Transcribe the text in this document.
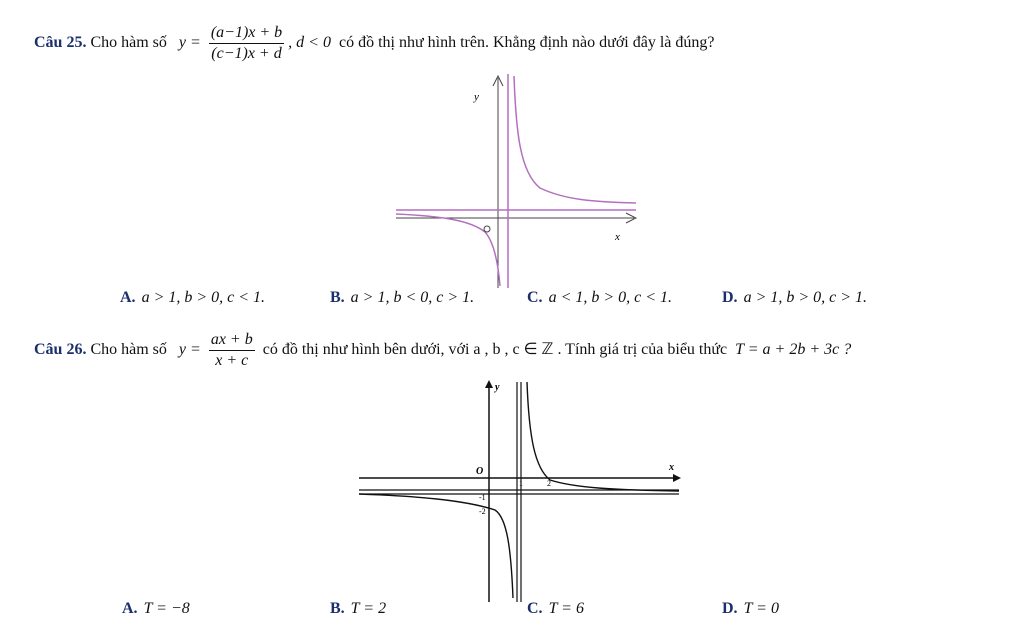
Câu 25. Cho hàm số $y = \frac{(a-1)x + b}{(c-1)x + d}$ , d < 0 có đồ thị như hình trên. Khẳng định nào dưới đây là đúng?
y
x
A. a > 1, b > 0, c < 1.	B. a > 1, b < 0, c > 1.	C. a < 1, b > 0, c < 1.	D. a > 1, b > 0, c > 1.
Câu 26. Cho hàm số $y = \frac{ax + b}{x + c}$ có đồ thị như hình bên dưới, với a , b , c ∈ ℤ . Tính giá trị của biểu thức T = a + 2b + 3c ?
y
x
O
1	2
-1
-2
A. T = −8	B. T = 2	C. T = 6	D. T = 0
